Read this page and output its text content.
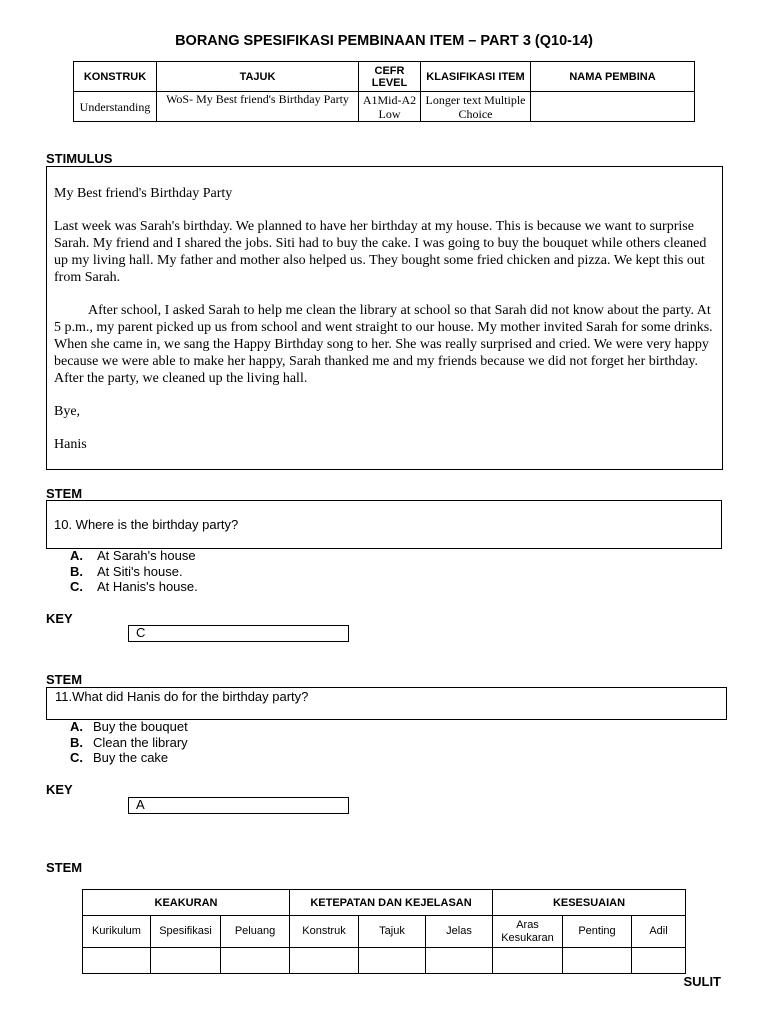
BORANG SPESIFIKASI PEMBINAAN ITEM – PART 3 (Q10-14)
KONSTRUK	TAJUK	CEFR LEVEL	KLASIFIKASI ITEM	NAMA PEMBINA
Understanding	WoS- My Best friend's Birthday Party	A1Mid-A2 Low	Longer text Multiple Choice	
STIMULUS

My Best friend's Birthday Party

Last week was Sarah's birthday. We planned to have her birthday at my house. This is because we want to surprise Sarah. My friend and I shared the jobs. Siti had to buy the cake. I was going to buy the bouquet while others cleaned up my living hall. My father and mother also helped us. They bought some fried chicken and pizza. We kept this out from Sarah.

After school, I asked Sarah to help me clean the library at school so that Sarah did not know about the party. At 5 p.m., my parent picked up us from school and went straight to our house. My mother invited Sarah for some drinks. When she came in, we sang the Happy Birthday song to her. She was really surprised and cried. We were very happy because we were able to make her happy, Sarah thanked me and my friends because we did not forget her birthday. After the party, we cleaned up the living hall.

Bye,

Hanis

STEM
10. Where is the birthday party?
A.	At Sarah's house
B.	At Siti's house.
C.	At Hanis's house.
KEY
C
STEM
11.What did Hanis do for the birthday party?
A. Buy the bouquet
B. Clean the library
C. Buy the cake
KEY
A
STEM
KEAKURAN			KETEPATAN DAN KEJELASAN			KESESUAIAN		
Kurikulum	Spesifikasi	Peluang	Konstruk	Tajuk	Jelas	Aras Kesukaran	Penting	Adil

SULIT
